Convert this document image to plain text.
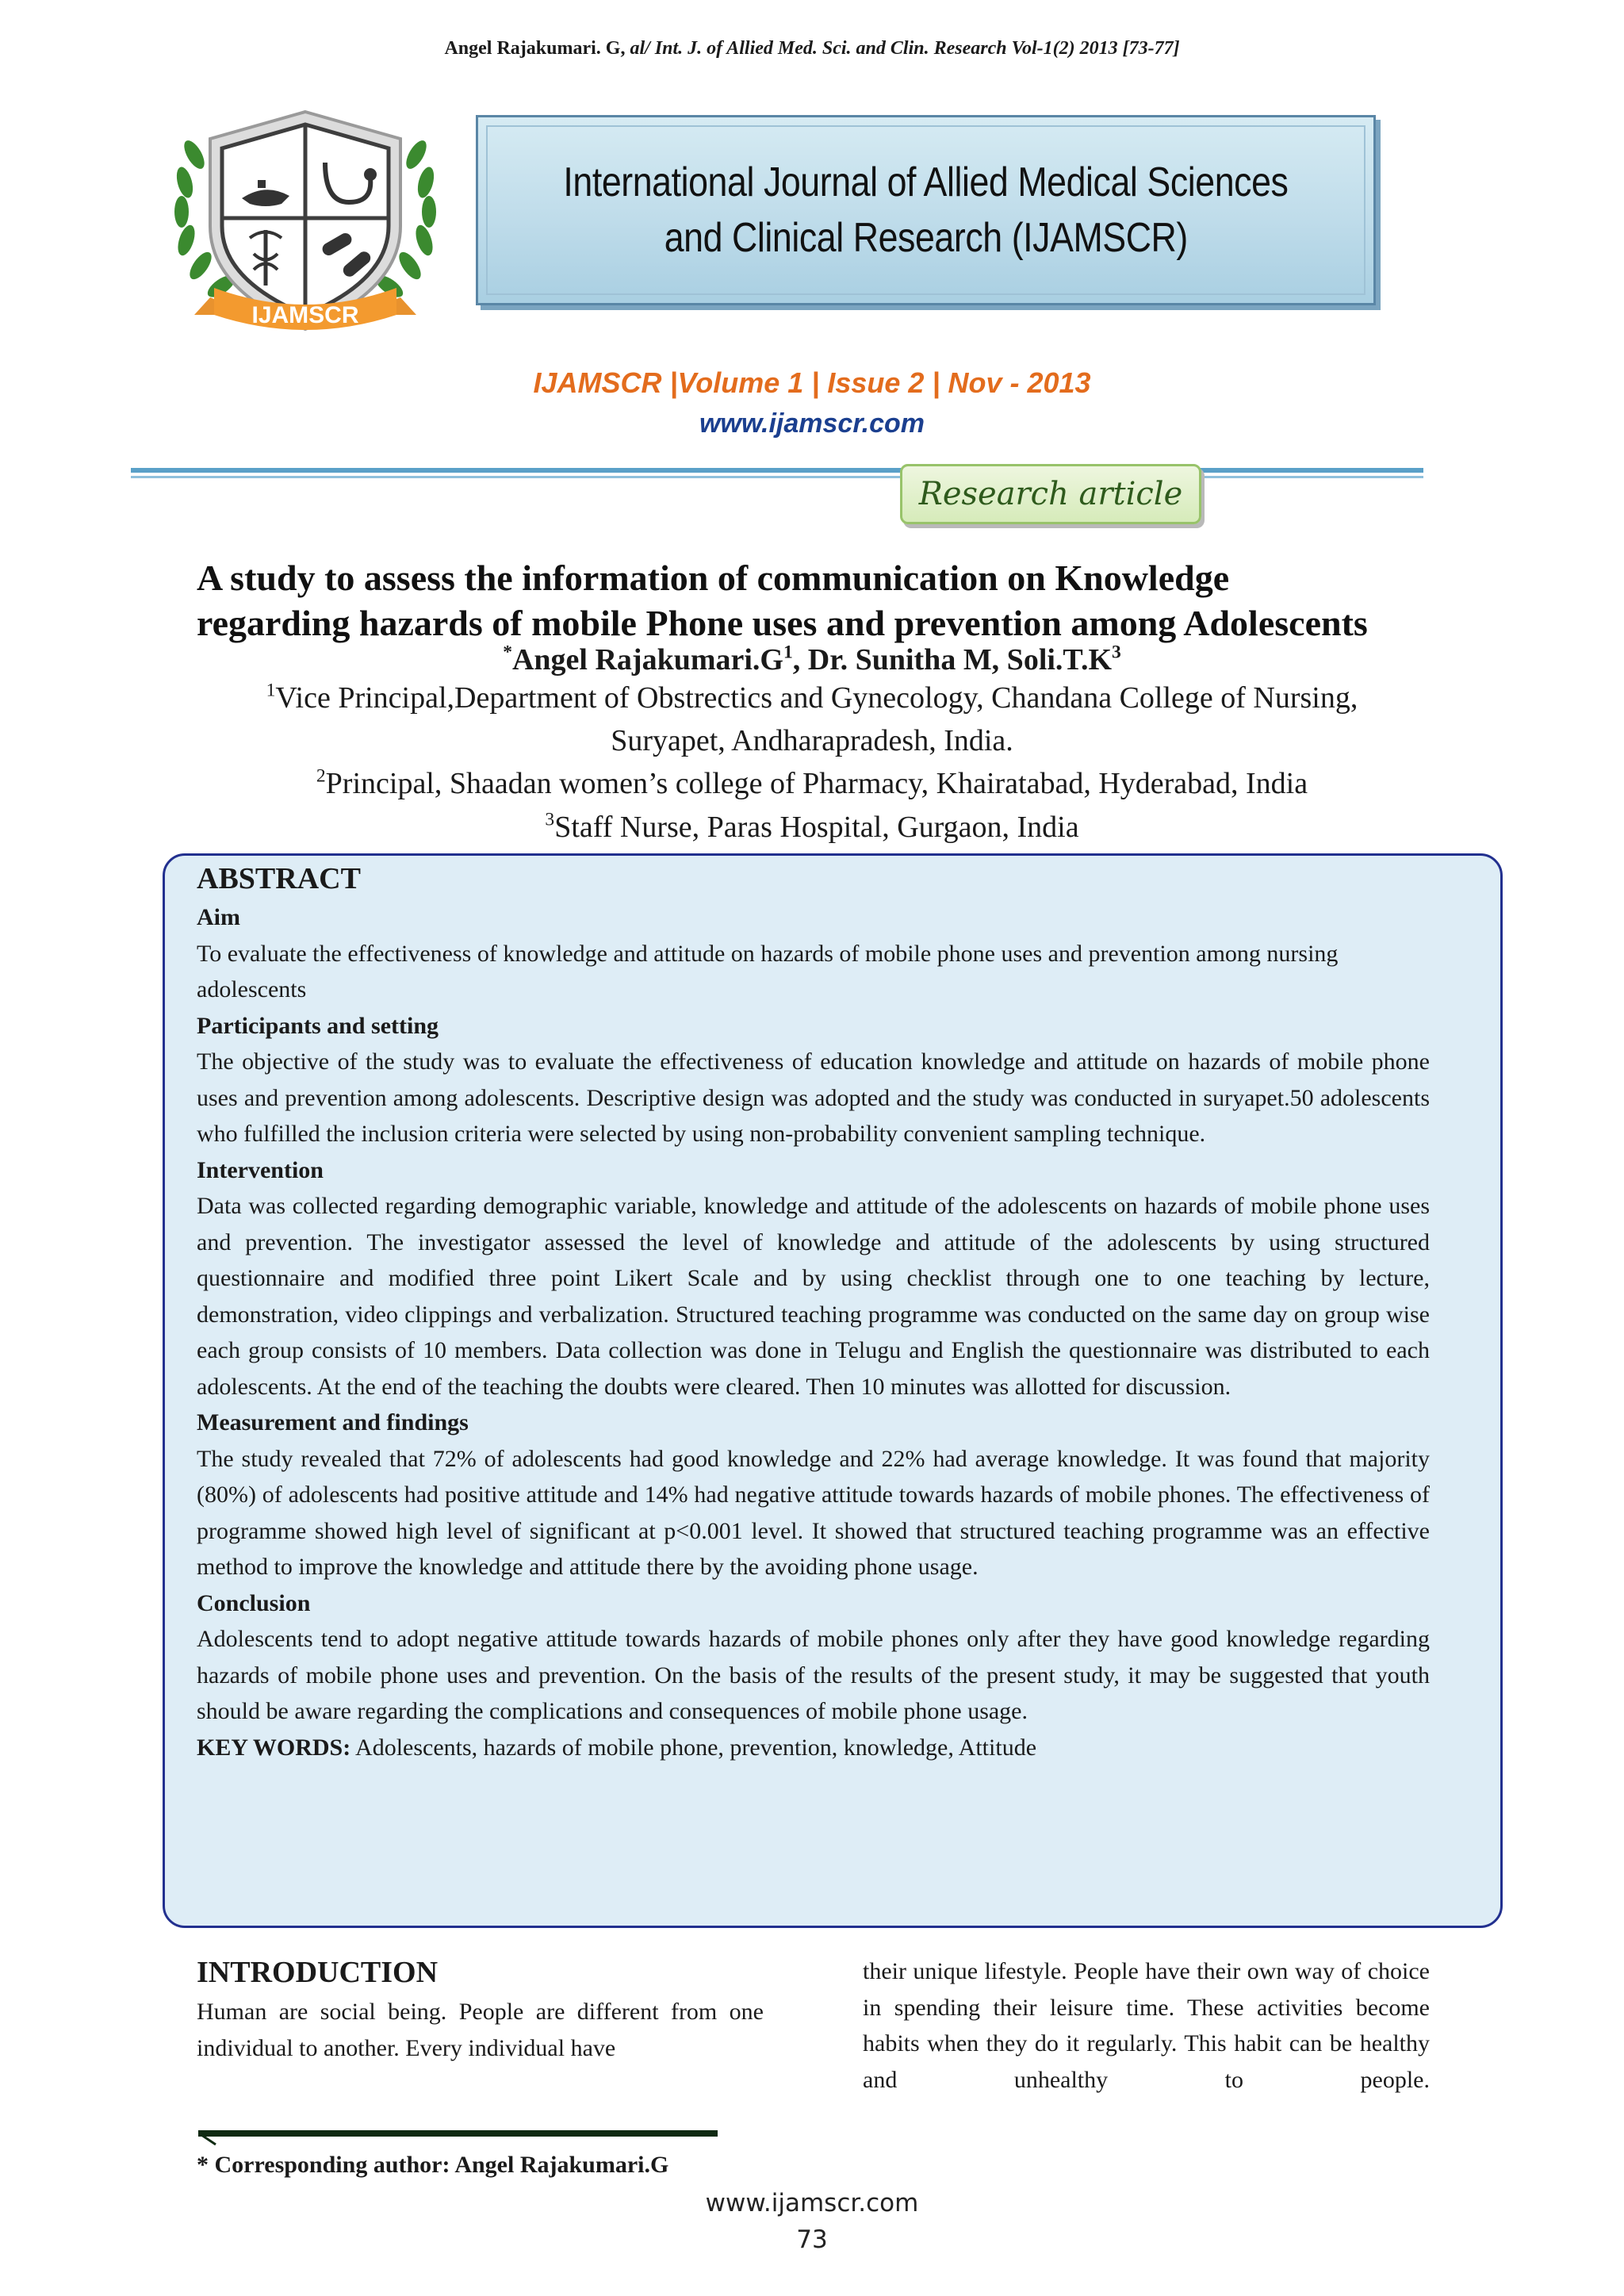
Angel Rajakumari. G, al/ Int. J. of Allied Med. Sci. and Clin. Research Vol-1(2) 2013 [73-77]
IJAMSCR
International Journal of Allied Medical Sciences
and Clinical Research (IJAMSCR)
IJAMSCR |Volume 1 | Issue 2 | Nov - 2013
www.ijamscr.com
Research article
A study to assess the information of communication on Knowledge
regarding hazards of mobile Phone uses and prevention among Adolescents
*Angel $Rajakumari.G^1$, Dr. Sunitha M, $Soli.T.K^3$
$^1$Vice Principal,Department of Obstrectics and Gynecology, Chandana College of Nursing,
Suryapet, Andharapradesh, India.
$^2$Principal, Shaadan women’s college of Pharmacy, Khairatabad, Hyderabad, India
$^3$Staff Nurse, Paras Hospital, Gurgaon, India
ABSTRACT
Aim

To evaluate the effectiveness of knowledge and attitude on hazards of mobile phone uses and prevention among nursing adolescents

Participants and setting

The objective of the study was to evaluate the effectiveness of education knowledge and attitude on hazards of mobile phone uses and prevention among adolescents. Descriptive design was adopted and the study was conducted in suryapet.50 adolescents who fulfilled the inclusion criteria were selected by using non-probability convenient sampling technique.

Intervention

Data was collected regarding demographic variable, knowledge and attitude of the adolescents on hazards of mobile phone uses and prevention. The investigator assessed the level of knowledge and attitude of the adolescents by using structured questionnaire and modified three point Likert Scale and by using checklist through one to one teaching by lecture, demonstration, video clippings and verbalization. Structured teaching programme was conducted on the same day on group wise each group consists of 10 members. Data collection was done in Telugu and English the questionnaire was distributed to each adolescents. At the end of the teaching the doubts were cleared. Then 10 minutes was allotted for discussion.

Measurement and findings

The study revealed that 72% of adolescents had good knowledge and 22% had average knowledge. It was found that majority (80%) of adolescents had positive attitude and 14% had negative attitude towards hazards of mobile phones. The effectiveness of programme showed high level of significant at p<0.001 level. It showed that structured teaching programme was an effective method to improve the knowledge and attitude there by the avoiding phone usage.

Conclusion

Adolescents tend to adopt negative attitude towards hazards of mobile phones only after they have good knowledge regarding hazards of mobile phone uses and prevention. On the basis of the results of the present study, it may be suggested that youth should be aware regarding the complications and consequences of mobile phone usage.

KEY WORDS: Adolescents, hazards of mobile phone, prevention, knowledge, Attitude

INTRODUCTION

Human are social being. People are different from one individual to another. Every individual have

their unique lifestyle. People have their own way of choice in spending their leisure time. These activities become habits when they do it regularly. This habit can be healthy and unhealthy to people.

* Corresponding author: Angel Rajakumari.G
www.ijamscr.com
73
